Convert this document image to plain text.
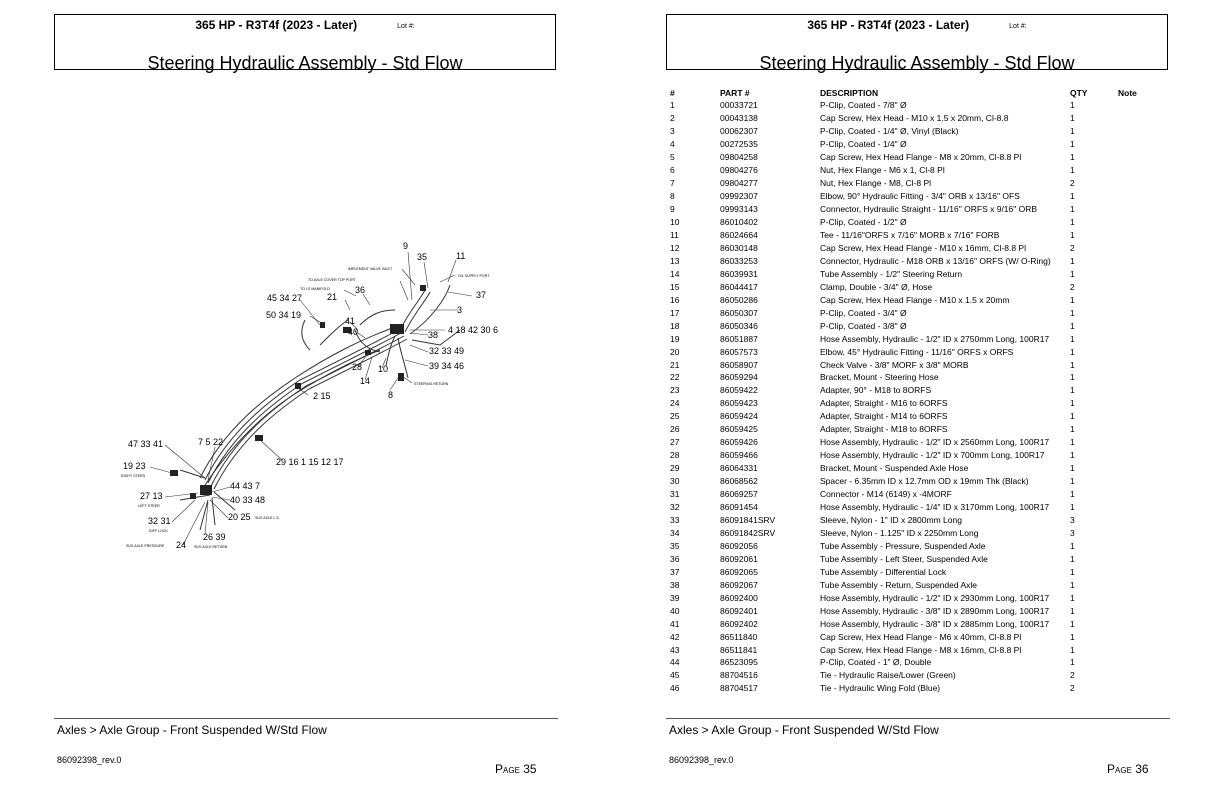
365 HP - R3T4f (2023 - Later)	Lot #:
Steering Hydraulic Assembly - Std Flow
Axles > Axle Group - Front Suspended W/Std Flow
86092398_rev.0
Page 35
9
35	11
IMPLEMENT VALVE INLET
OIL SUPPLY PORT
TO AXLE COVER TOP PORT
TO LS MANIFOLD	36	37
45 34 27	21
3
50 34 19
41
40	4 18 42 30 6
38
32 33 49
28 10	39 34 46
14	STEERING RETURN
8
2 15
47 33 41	7 5 22
19 23
RIGHT STEER
29 16 1 15 12 17
44 43 7
27 13	40 33 48
LEFT STEER
32 31	20 25 SUS AXLE L.S.
DIFF LOCK
26 39
SUS AXLE PRESSURE 24 SUS AXLE RETURN
365 HP - R3T4f (2023 - Later)	Lot #:
Steering Hydraulic Assembly - Std Flow
Axles > Axle Group - Front Suspended W/Std Flow
86092398_rev.0
Page 36
#	PART #	DESCRIPTION	QTY	Note
1	00033721	P-Clip, Coated - 7/8" Ø	1	
2	00043138	Cap Screw, Hex Head - M10 x 1.5 x 20mm, Cl-8.8	1	
3	00062307	P-Clip, Coated - 1/4" Ø, Vinyl (Black)	1	
4	00272535	P-Clip, Coated - 1/4" Ø	1	
5	09804258	Cap Screw, Hex Head Flange - M8 x 20mm, Cl-8.8 Pl	1	
6	09804276	Nut, Hex Flange - M6 x 1, Cl-8 Pl	1	
7	09804277	Nut, Hex Flange - M8, Cl-8 Pl	2	
8	09992307	Elbow, 90° Hydraulic Fitting - 3/4" ORB x 13/16" OFS	1	
9	09993143	Connector, Hydraulic Straight - 11/16" ORFS x 9/16" ORB	1	
10	86010402	P-Clip, Coated - 1/2" Ø	1	
11	86024664	Tee - 11/16"ORFS x 7/16" MORB x 7/16" FORB	1	
12	86030148	Cap Screw, Hex Head Flange - M10 x 16mm, Cl-8.8 Pl	2	
13	86033253	Connector, Hydraulic - M18 ORB x 13/16" ORFS (W/ O-Ring)	1	
14	86039931	Tube Assembly - 1/2" Steering Return	1	
15	86044417	Clamp, Double - 3/4" Ø, Hose	2	
16	86050286	Cap Screw, Hex Head Flange - M10 x 1.5 x 20mm	1	
17	86050307	P-Clip, Coated - 3/4" Ø	1	
18	86050346	P-Clip, Coated - 3/8" Ø	1	
19	86051887	Hose Assembly, Hydraulic - 1/2" ID x 2750mm Long, 100R17	1	
20	86057573	Elbow, 45° Hydraulic Fitting - 11/16" ORFS x ORFS	1	
21	86058907	Check Valve - 3/8" MORF x 3/8" MORB	1	
22	86059294	Bracket, Mount - Steering Hose	1	
23	86059422	Adapter, 90° - M18 to 8ORFS	1	
24	86059423	Adapter, Straight - M16 to 6ORFS	1	
25	86059424	Adapter, Straight - M14 to 6ORFS	1	
26	86059425	Adapter, Straight - M18 to 8ORFS	1	
27	86059426	Hose Assembly, Hydraulic - 1/2" ID x 2560mm Long, 100R17	1	
28	86059466	Hose Assembly, Hydraulic - 1/2" ID x 700mm Long, 100R17	1	
29	86064331	Bracket, Mount - Suspended Axle Hose	1	
30	86068562	Spacer - 6.35mm ID x 12.7mm OD x 19mm Thk (Black)	1	
31	86069257	Connector - M14 (6149) x -4MORF	1	
32	86091454	Hose Assembly, Hydraulic - 1/4" ID x 3170mm Long, 100R17	1	
33	86091841SRV	Sleeve, Nylon - 1" ID x 2800mm Long	3	
34	86091842SRV	Sleeve, Nylon - 1.125" ID x 2250mm Long	3	
35	86092056	Tube Assembly - Pressure, Suspended Axle	1	
36	86092061	Tube Assembly - Left Steer, Suspended Axle	1	
37	86092065	Tube Assembly - Differential Lock	1	
38	86092067	Tube Assembly - Return, Suspended Axle	1	
39	86092400	Hose Assembly, Hydraulic - 1/2" ID x 2930mm Long, 100R17	1	
40	86092401	Hose Assembly, Hydraulic - 3/8" ID x 2890mm Long, 100R17	1	
41	86092402	Hose Assembly, Hydraulic - 3/8" ID x 2885mm Long, 100R17	1	
42	86511840	Cap Screw, Hex Head Flange - M6 x 40mm, Cl-8.8 Pl	1	
43	86511841	Cap Screw, Hex Head Flange - M8 x 16mm, Cl-8.8 Pl	1	
44	86523095	P-Clip, Coated - 1" Ø, Double	1	
45	88704516	Tie - Hydraulic Raise/Lower (Green)	2	
46	88704517	Tie - Hydraulic Wing Fold (Blue)	2	
